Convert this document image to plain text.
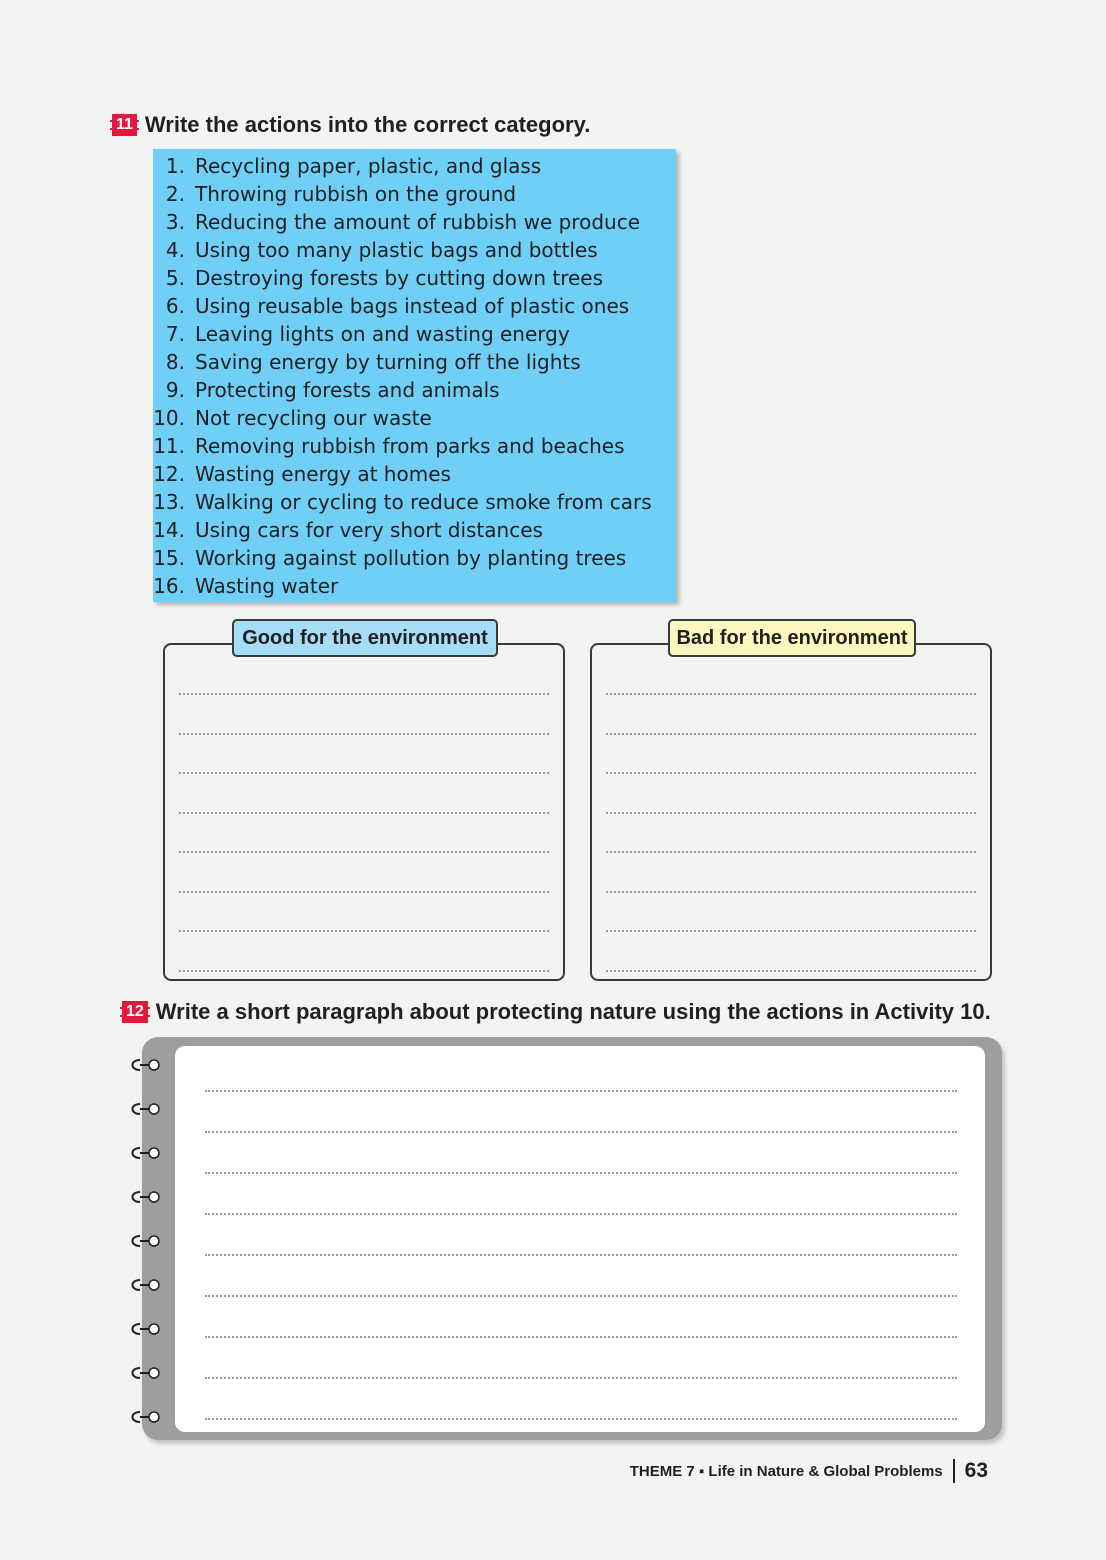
11 Write the actions into the correct category.
1. Recycling paper, plastic, and glass
2. Throwing rubbish on the ground
3. Reducing the amount of rubbish we produce
4. Using too many plastic bags and bottles
5. Destroying forests by cutting down trees
6. Using reusable bags instead of plastic ones
7. Leaving lights on and wasting energy
8. Saving energy by turning off the lights
9. Protecting forests and animals
10. Not recycling our waste
11. Removing rubbish from parks and beaches
12. Wasting energy at homes
13. Walking or cycling to reduce smoke from cars
14. Using cars for very short distances
15. Working against pollution by planting trees
16. Wasting water
Good for the environment	Bad for the environment
12 Write a short paragraph about protecting nature using the actions in Activity 10.
THEME 7 ▪ Life in Nature & Global Problems 63
